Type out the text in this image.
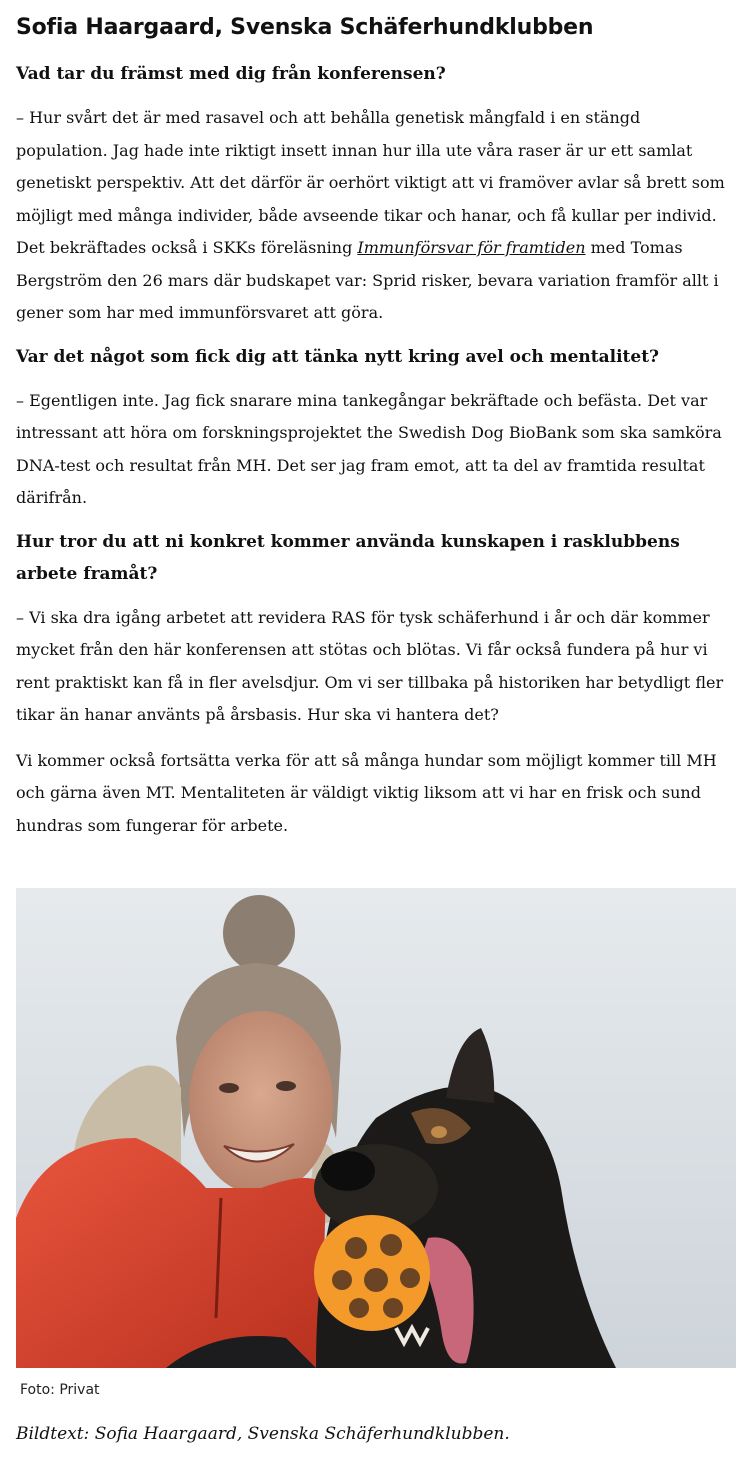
Sofia Haargaard, Svenska Schäferhundklubben

Vad tar du främst med dig från konferensen?

– Hur svårt det är med rasavel och att behålla genetisk mångfald i en stängd population. Jag hade inte riktigt insett innan hur illa ute våra raser är ur ett samlat genetiskt perspektiv. Att det därför är oerhört viktigt att vi framöver avlar så brett som möjligt med många individer, både avseende tikar och hanar, och få kullar per individ. Det bekräftades också i SKKs föreläsning Immunförsvar för framtiden med Tomas Bergström den 26 mars där budskapet var: Sprid risker, bevara variation framför allt i gener som har med immunförsvaret att göra.

Var det något som fick dig att tänka nytt kring avel och mentalitet?

– Egentligen inte. Jag fick snarare mina tankegångar bekräftade och befästa. Det var intressant att höra om forskningsprojektet the Swedish Dog BioBank som ska samköra DNA-test och resultat från MH. Det ser jag fram emot, att ta del av framtida resultat därifrån.

Hur tror du att ni konkret kommer använda kunskapen i rasklubbens arbete framåt?

– Vi ska dra igång arbetet att revidera RAS för tysk schäferhund i år och där kommer mycket från den här konferensen att stötas och blötas. Vi får också fundera på hur vi rent praktiskt kan få in fler avelsdjur. Om vi ser tillbaka på historiken har betydligt fler tikar än hanar använts på årsbasis. Hur ska vi hantera det?

Vi kommer också fortsätta verka för att så många hundar som möjligt kommer till MH och gärna även MT. Mentaliteten är väldigt viktig liksom att vi har en frisk och sund hundras som fungerar för arbete.

Foto: Privat
Bildtext: Sofia Haargaard, Svenska Schäferhundklubben.
